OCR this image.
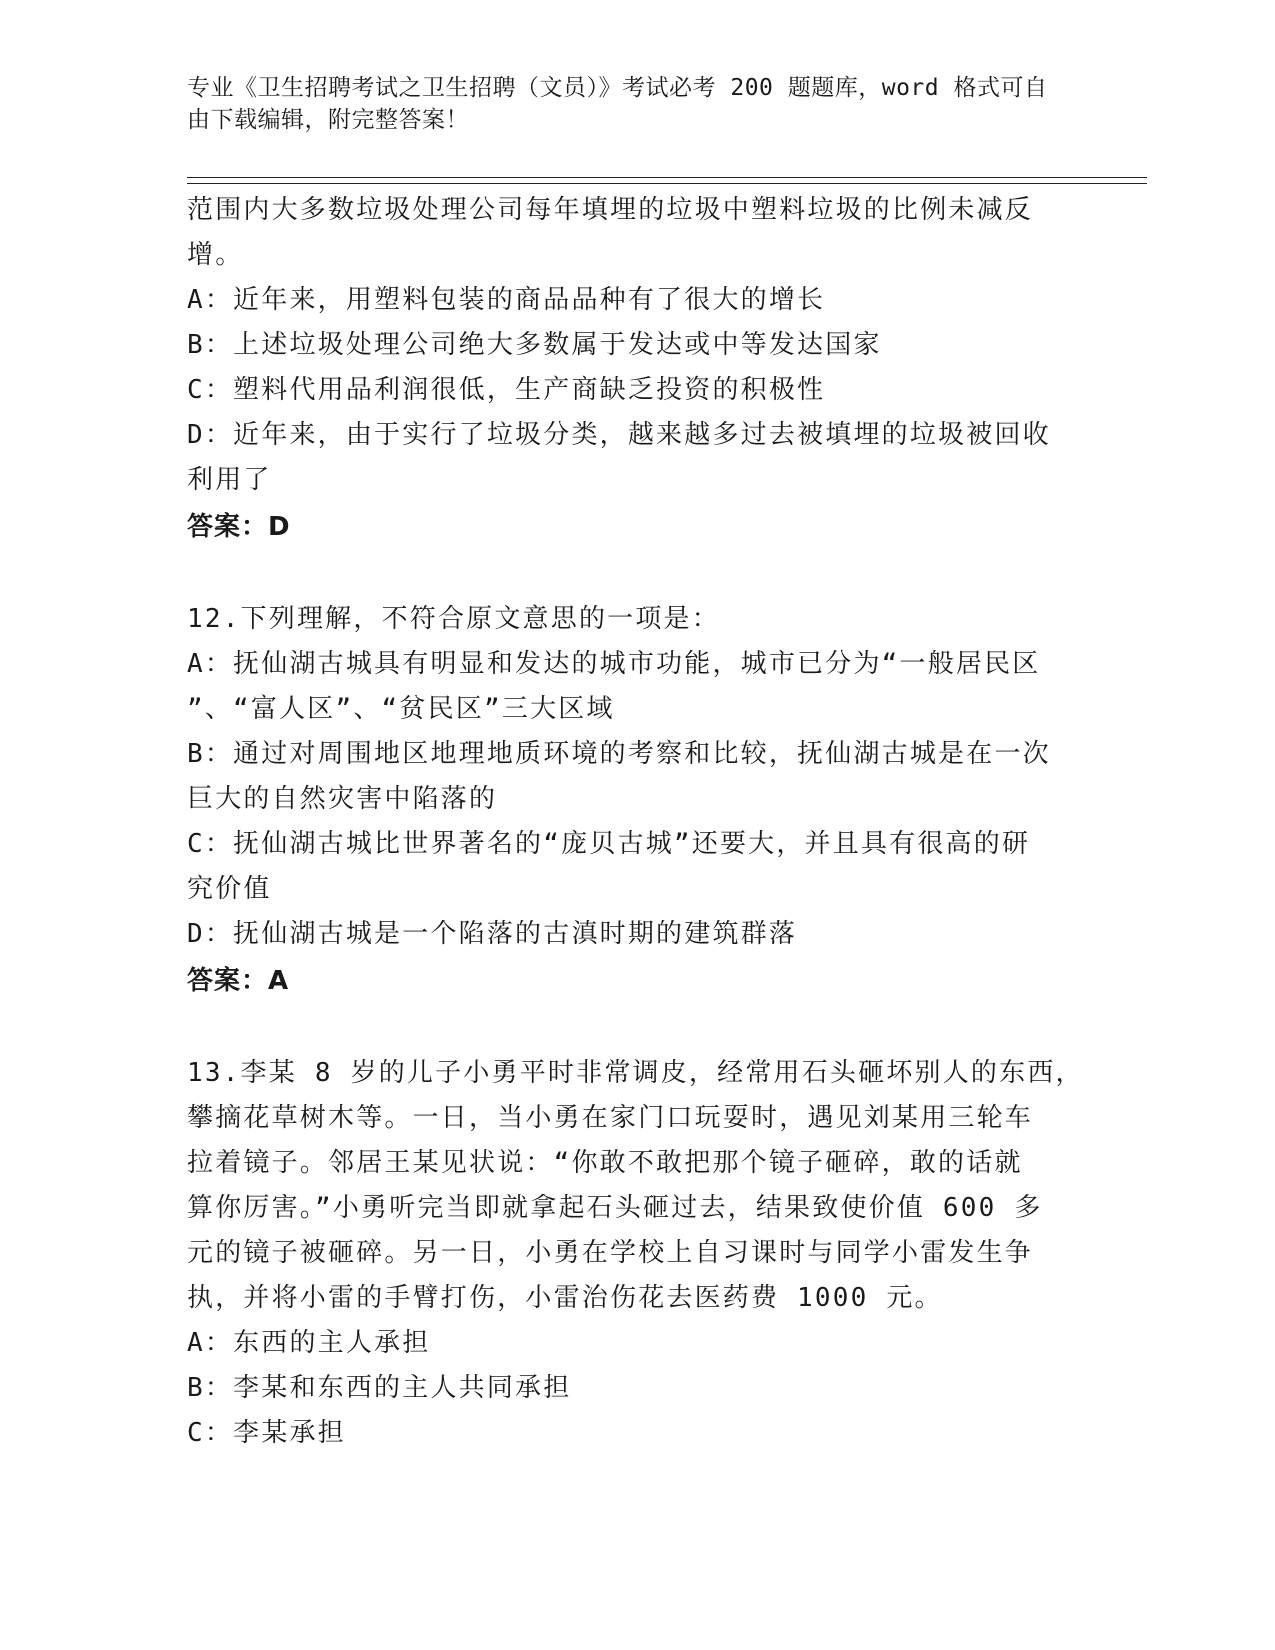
专业《卫生招聘考试之卫生招聘（文员）》考试必考 200 题题库，word 格式可自
由下载编辑，附完整答案！
范围内大多数垃圾处理公司每年填埋的垃圾中塑料垃圾的比例未减反
增。
A：近年来，用塑料包装的商品品种有了很大的增长
B：上述垃圾处理公司绝大多数属于发达或中等发达国家
C：塑料代用品利润很低，生产商缺乏投资的积极性
D：近年来，由于实行了垃圾分类，越来越多过去被填埋的垃圾被回收
利用了
答案：D
12.下列理解，不符合原文意思的一项是：
A：抚仙湖古城具有明显和发达的城市功能，城市已分为“一般居民区
”、“富人区”、“贫民区”三大区域
B：通过对周围地区地理地质环境的考察和比较，抚仙湖古城是在一次
巨大的自然灾害中陷落的
C：抚仙湖古城比世界著名的“庞贝古城”还要大，并且具有很高的研
究价值
D：抚仙湖古城是一个陷落的古滇时期的建筑群落
答案：A
13.李某 8 岁的儿子小勇平时非常调皮，经常用石头砸坏别人的东西，
攀摘花草树木等。一日，当小勇在家门口玩耍时，遇见刘某用三轮车
拉着镜子。邻居王某见状说：“你敢不敢把那个镜子砸碎，敢的话就
算你厉害。”小勇听完当即就拿起石头砸过去，结果致使价值 600 多
元的镜子被砸碎。另一日，小勇在学校上自习课时与同学小雷发生争
执，并将小雷的手臂打伤，小雷治伤花去医药费 1000 元。
A：东西的主人承担
B：李某和东西的主人共同承担
C：李某承担
